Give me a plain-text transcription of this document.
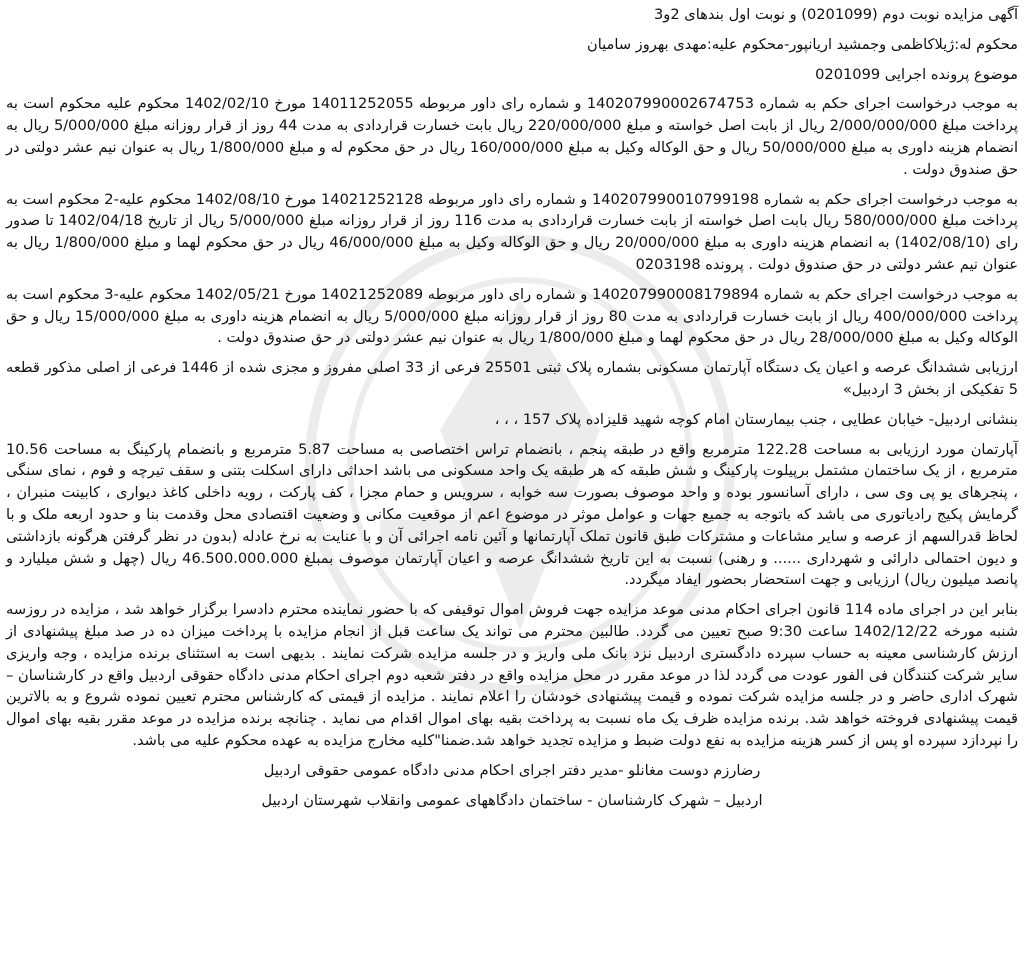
آگهی مزایده نوبت دوم (0201099) و نوبت اول بندهای 2و3
محکوم له:ژیلاکاظمی وجمشید اریانپور-محکوم علیه:مهدی بهروز سامیان
موضوع پرونده اجرایی 0201099
به موجب درخواست اجرای حکم به شماره 140207990002674753 و شماره رای داور مربوطه 14011252055 مورخ 1402/02/10 محکوم علیه محکوم است به پرداخت مبلغ 2/000/000/000 ریال از بابت اصل خواسته و مبلغ 220/000/000 ریال بابت خسارت قراردادی به مدت 44 روز از قرار روزانه مبلغ 5/000/000 ریال به انضمام هزینه داوری به مبلغ 50/000/000 ریال و حق الوکاله وکیل به مبلغ 160/000/000 ریال در حق محکوم له و مبلغ 1/800/000 ریال به عنوان نیم عشر دولتی در حق صندوق دولت .
به موجب درخواست اجرای حکم به شماره 140207990010799198 و شماره رای داور مربوطه 14021252128 مورخ 1402/08/10 محکوم علیه-2 محکوم است به پرداخت مبلغ 580/000/000 ریال بابت اصل خواسته از بابت خسارت قراردادی به مدت 116 روز از قرار روزانه مبلغ 5/000/000 ریال از تاریخ 1402/04/18 تا صدور رای (1402/08/10) به انضمام هزینه داوری به مبلغ 20/000/000 ریال و حق الوکاله وکیل به مبلغ 46/000/000 ریال در حق محکوم لهما و مبلغ 1/800/000 ریال به عنوان نیم عشر دولتی در حق صندوق دولت . پرونده 0203198
به موجب درخواست اجرای حکم به شماره 140207990008179894 و شماره رای داور مربوطه 14021252089 مورخ 1402/05/21 محکوم علیه-3 محکوم است به پرداخت 400/000/000 ریال از بابت خسارت قراردادی به مدت 80 روز از قرار روزانه مبلغ 5/000/000 ریال به انضمام هزینه داوری به مبلغ 15/000/000 ریال و حق الوکاله وکیل به مبلغ 28/000/000 ریال در حق محکوم لهما و مبلغ 1/800/000 ریال به عنوان نیم عشر دولتی در حق صندوق دولت .
ارزیابی ششدانگ عرصه و اعیان یک دستگاه آپارتمان مسکونی بشماره پلاک ثبتی 25501 فرعی از 33 اصلی مفروز و مجزی شده از 1446 فرعی از اصلی مذکور قطعه 5 تفکیکی از بخش 3 اردبیل»
بنشانی اردبیل- خیابان عطایی ، جنب بیمارستان امام کوچه شهید قلیزاده پلاک 157 ، ، ،
آپارتمان مورد ارزیابی به مساحت 122.28 مترمربع واقع در طبقه پنجم ، بانضمام تراس اختصاصی به مساحت 5.87 مترمربع و بانضمام پارکینگ به مساحت 10.56 مترمربع ، از یک ساختمان مشتمل برپیلوت پارکینگ و شش طبقه که هر طبقه یک واحد مسکونی می باشد احداثی دارای اسکلت بتنی و سقف تیرچه و فوم ، نمای سنگی ، پنجرهای یو پی وی سی ، دارای آسانسور بوده و واحد موصوف بصورت سه خوابه ، سرویس و حمام مجزا ، کف پارکت ، رویه داخلی کاغذ دیواری ، کابینت منبران ، گرمایش پکیج رادیاتوری می باشد که باتوجه به جمیع جهات و عوامل موثر در موضوع اعم از موقعیت مکانی و وضعیت اقتصادی محل وقدمت بنا و حدود اربعه ملک و با لحاظ قدرالسهم از عرصه و سایر مشاعات و مشترکات طبق قانون تملک آپارتمانها و آئین نامه اجرائی آن و با عنایت به نرخ عادله (بدون در نظر گرفتن هرگونه بازداشتی و دیون احتمالی دارائی و شهرداری ...... و رهنی) نسبت به این تاریخ ششدانگ عرصه و اعیان آپارتمان موصوف بمبلغ 46.500.000.000 ریال (چهل و شش میلیارد و پانصد میلیون ریال) ارزیابی و جهت استحضار بحضور ایفاد میگردد.
بنابر این در اجرای ماده 114 قانون اجرای احکام مدنی موعد مزایده جهت فروش اموال توقیفی که با حضور نماینده محترم دادسرا برگزار خواهد شد ، مزایده در روزسه شنبه مورخه 1402/12/22 ساعت 9:30 صبح تعیین می گردد. طالبین محترم می تواند یک ساعت قبل از انجام مزایده با پرداخت میزان ده در صد مبلغ پیشنهادی از ارزش کارشناسی معینه به حساب سپرده دادگستری اردبیل نزد بانک ملی واریز و در جلسه مزایده شرکت نمایند . بدیهی است به استثنای برنده مزایده ، وجه واریزی سایر شرکت کنندگان فی الفور عودت می گردد لذا در موعد مقرر در محل مزایده واقع در دفتر شعبه دوم اجرای احکام مدنی دادگاه حقوقی اردبیل واقع در کارشناسان – شهرک اداری حاضر و در جلسه مزایده شرکت نموده و قیمت پیشنهادی خودشان را اعلام نمایند . مزایده از قیمتی که کارشناس محترم تعیین نموده شروع و به بالاترین قیمت پیشنهادی فروخته خواهد شد. برنده مزایده ظرف یک ماه نسبت به پرداخت بقیه بهای اموال اقدام می نماید . چنانچه برنده مزایده در موعد مقرر بقیه بهای اموال را نپردازد سپرده او پس از کسر هزینه مزایده به نفع دولت ضبط و مزایده تجدید خواهد شد.ضمنا"کلیه مخارج مزایده به عهده محکوم علیه می باشد.
رضارزم دوست مغانلو -مدیر دفتر اجرای احکام مدنی دادگاه عمومی حقوقی اردبیل
اردبیل – شهرک کارشناسان - ساختمان دادگاههای عمومی وانقلاب شهرستان اردبیل
